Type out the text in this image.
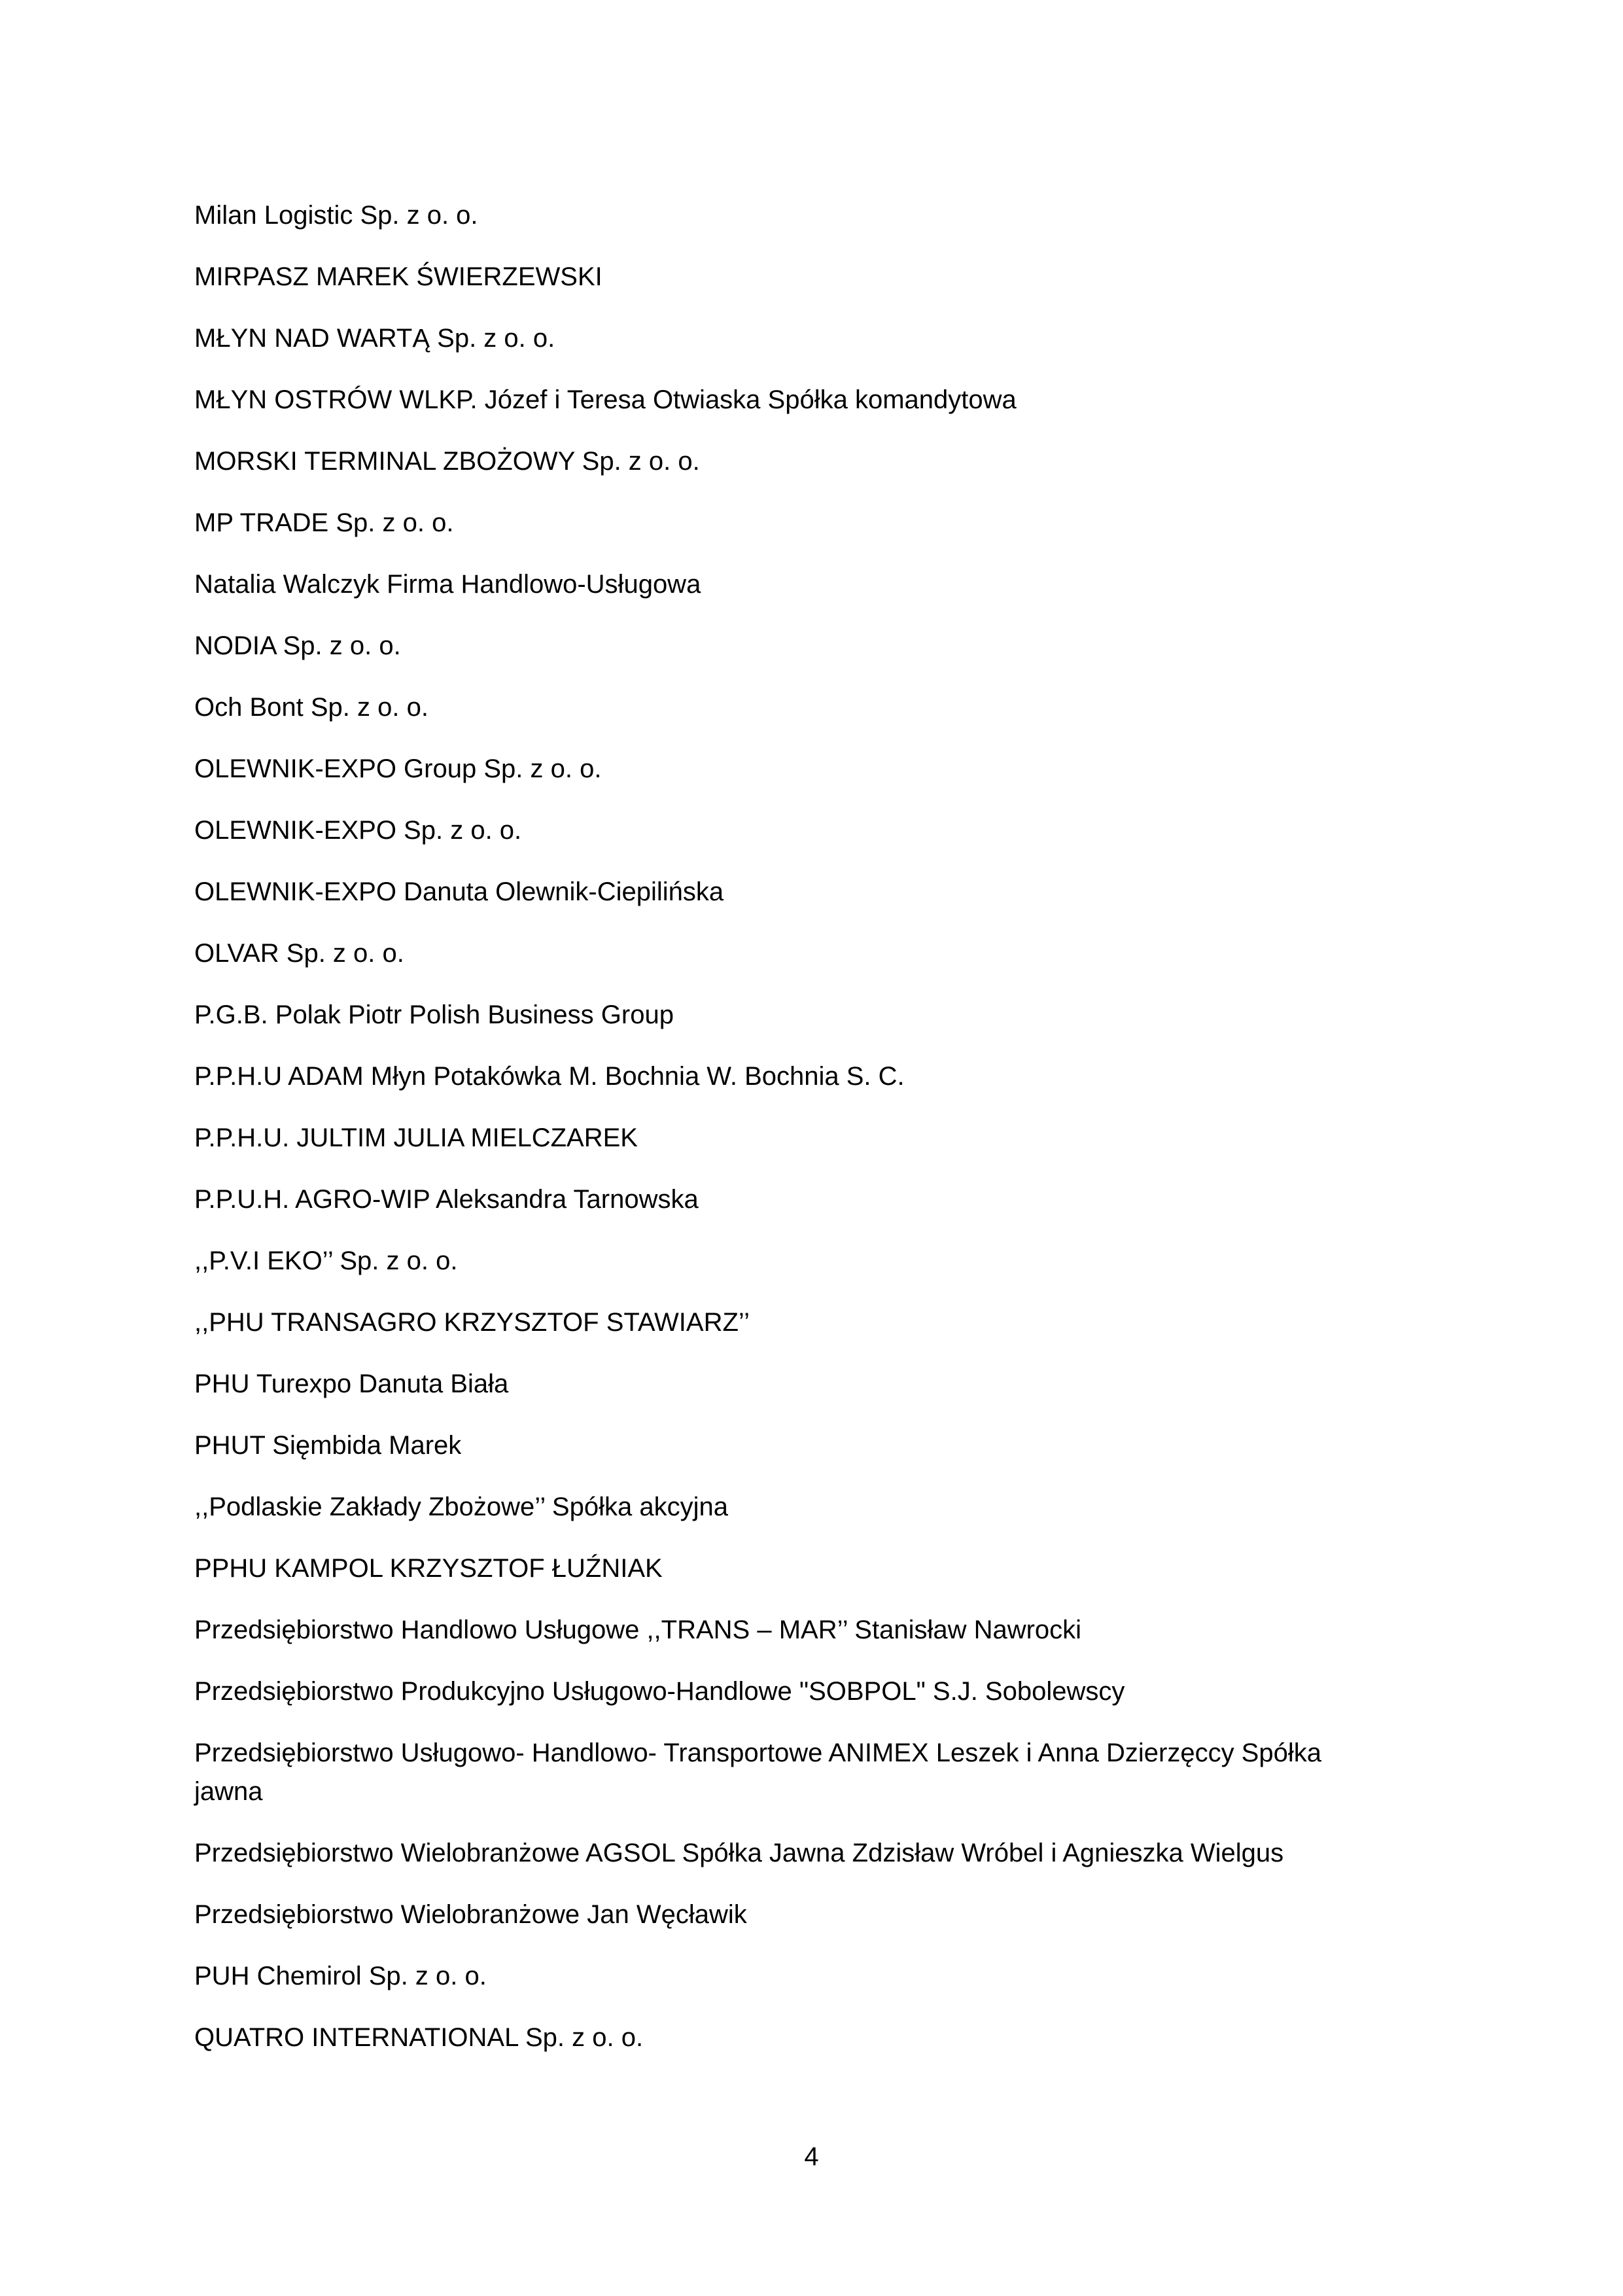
Milan Logistic Sp. z o. o.
MIRPASZ MAREK ŚWIERZEWSKI
MŁYN NAD WARTĄ Sp. z o. o.
MŁYN OSTRÓW WLKP. Józef i Teresa Otwiaska Spółka komandytowa
MORSKI TERMINAL ZBOŻOWY Sp. z o. o.
MP TRADE Sp. z o. o.
Natalia Walczyk Firma Handlowo-Usługowa
NODIA Sp. z o. o.
Och Bont Sp. z o. o.
OLEWNIK-EXPO Group Sp. z o. o.
OLEWNIK-EXPO Sp. z o. o.
OLEWNIK-EXPO Danuta Olewnik-Ciepilińska
OLVAR Sp. z o. o.
P.G.B. Polak Piotr Polish Business Group
P.P.H.U ADAM Młyn Potakówka M. Bochnia W. Bochnia S. C.
P.P.H.U. JULTIM JULIA MIELCZAREK
P.P.U.H. AGRO-WIP Aleksandra Tarnowska
,,P.V.I EKO’’ Sp. z o. o.
,,PHU TRANSAGRO KRZYSZTOF STAWIARZ’’
PHU Turexpo Danuta Biała
PHUT Sięmbida Marek
,,Podlaskie Zakłady Zbożowe’’ Spółka akcyjna
PPHU KAMPOL KRZYSZTOF ŁUŹNIAK
Przedsiębiorstwo Handlowo Usługowe ,,TRANS – MAR’’ Stanisław Nawrocki
Przedsiębiorstwo Produkcyjno Usługowo-Handlowe "SOBPOL" S.J. Sobolewscy
Przedsiębiorstwo Usługowo- Handlowo- Transportowe ANIMEX Leszek i Anna Dzierzęccy Spółka jawna
Przedsiębiorstwo Wielobranżowe AGSOL Spółka Jawna Zdzisław Wróbel i Agnieszka Wielgus
Przedsiębiorstwo Wielobranżowe Jan Węcławik
PUH Chemirol Sp. z o. o.
QUATRO INTERNATIONAL Sp. z o. o.
4
